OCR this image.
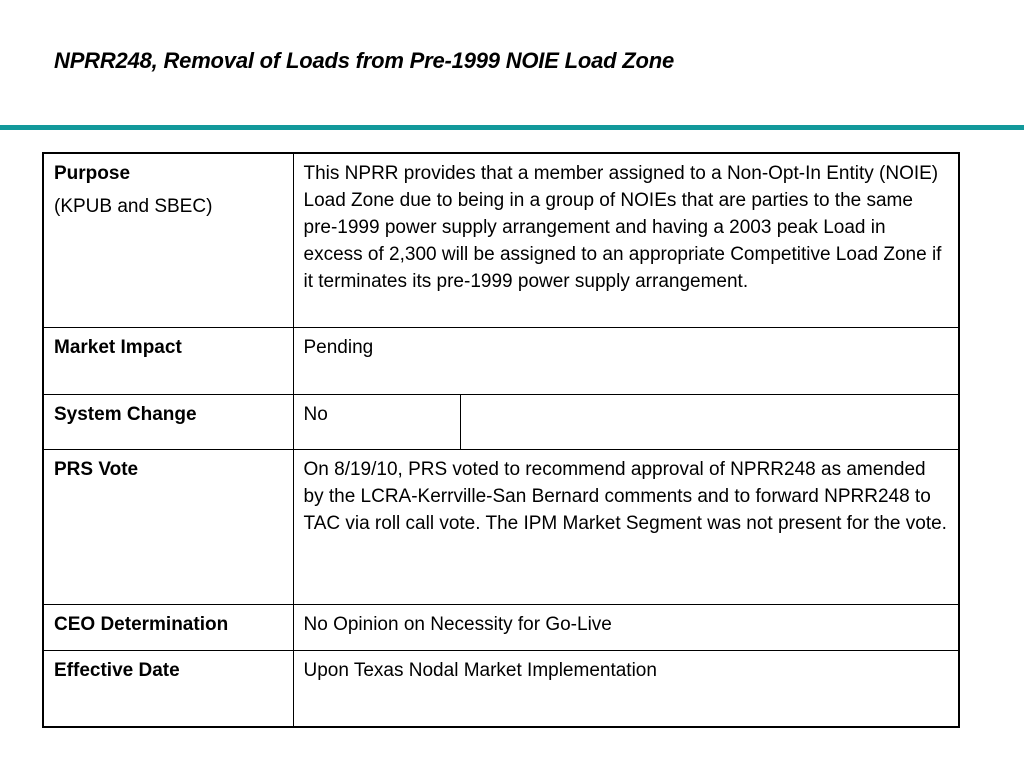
NPRR248, Removal of Loads from Pre-1999 NOIE Load Zone
Purpose
(KPUB and SBEC)	This NPRR provides that a member assigned to a Non-Opt-In Entity (NOIE) Load Zone due to being in a group of NOIEs that are parties to the same pre-1999 power supply arrangement and having a 2003 peak Load in excess of 2,300 will be assigned to an appropriate Competitive Load Zone if it terminates its pre-1999 power supply arrangement.	
Market Impact	Pending	
System Change	No	
PRS Vote	On 8/19/10, PRS voted to recommend approval of NPRR248 as amended by the LCRA-Kerrville-San Bernard comments and to forward NPRR248 to TAC via roll call vote. The IPM Market Segment was not present for the vote.	
CEO Determination	No Opinion on Necessity for Go-Live	
Effective Date	Upon Texas Nodal Market Implementation	
